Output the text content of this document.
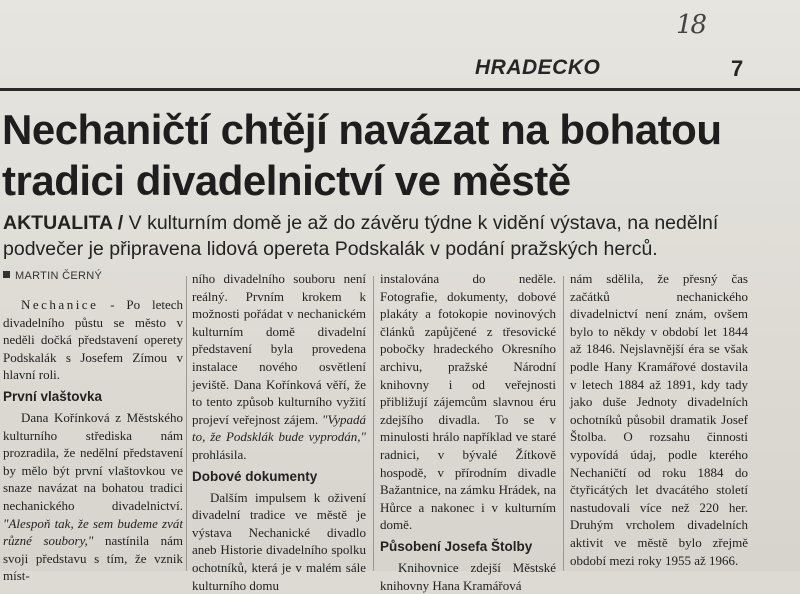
18
HRADECKO	7
Nechaničtí chtějí navázat na bohatou
tradici divadelnictví ve městě
AKTUALITA / V kulturním domě je až do závěru týdne k vidění výstava, na nedělní podvečer je připravena lidová opereta Podskalák v podání pražských herců.
MARTIN ČERNÝ

Nechanice - Po letech divadelního půstu se město v neděli dočká představení operety Podskalák s Josefem Zímou v hlavní roli.

První vlaštovka

Dana Kořínková z Městského kulturního střediska nám prozradila, že nedělní představení by mělo být první vlaštovkou ve snaze navázat na bohatou tradici nechanického divadelnictví. "Alespoň tak, že sem budeme zvát různé soubory," nastínila nám svoji představu s tím, že vznik míst-

ního divadelního souboru není reálný. Prvním krokem k možnosti pořádat v nechanickém kulturním domě divadelní představení byla provedena instalace nového osvětlení jeviště. Dana Kořínková věří, že to tento způsob kulturního vyžití projeví veřejnost zájem. "Vypadá to, že Podsklák bude vyprodán," prohlásila.

Dobové dokumenty

Dalším impulsem k oživení divadelní tradice ve městě je výstava Nechanické divadlo aneb Historie divadelního spolku ochotníků, která je v malém sále kulturního domu

instalována do neděle. Fotografie, dokumenty, dobové plakáty a fotokopie novinových článků zapůjčené z třesovické pobočky hradeckého Okresního archivu, pražské Národní knihovny i od veřejnosti přibližují zájemcům slavnou éru zdejšího divadla. To se v minulosti hrálo například ve staré radnici, v bývalé Žítkově hospodě, v přírodním divadle Bažantnice, na zámku Hrádek, na Hůrce a nakonec i v kulturním domě.

Působení Josefa Štolby

Knihovnice zdejší Městské knihovny Hana Kramářová

nám sdělila, že přesný čas začátků nechanického divadelnictví není znám, ovšem bylo to někdy v období let 1844 až 1846. Nejslavnější éra se však podle Hany Kramářové dostavila v letech 1884 až 1891, kdy tady jako duše Jednoty divadelních ochotníků působil dramatik Josef Štolba. O rozsahu činnosti vypovídá údaj, podle kterého Nechaničtí od roku 1884 do čtyřicátých let dvacátého století nastudovali více než 220 her. Druhým vrcholem divadelních aktivit ve městě bylo zřejmě období mezi roky 1955 až 1966.
